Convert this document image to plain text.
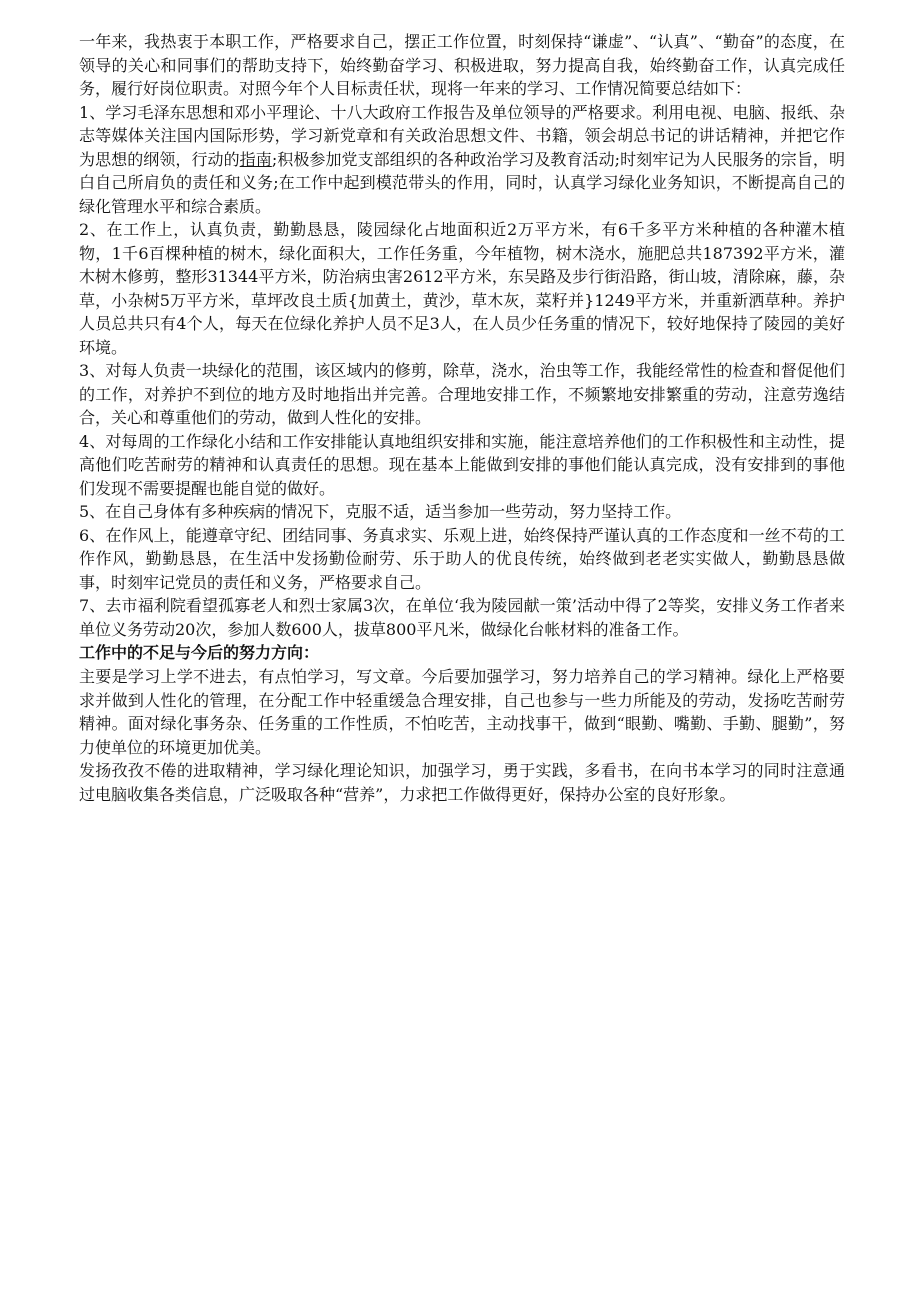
一年来，我热衷于本职工作，严格要求自己，摆正工作位置，时刻保持“谦虚”、“认真”、“勤奋”的态度，在领导的关心和同事们的帮助支持下，始终勤奋学习、积极进取，努力提高自我，始终勤奋工作，认真完成任务，履行好岗位职责。对照今年个人目标责任状，现将一年来的学习、工作情况简要总结如下：

1、学习毛泽东思想和邓小平理论、十八大政府工作报告及单位领导的严格要求。利用电视、电脑、报纸、杂志等媒体关注国内国际形势，学习新党章和有关政治思想文件、书籍，领会胡总书记的讲话精神，并把它作为思想的纲领，行动的指南;积极参加党支部组织的各种政治学习及教育活动;时刻牢记为人民服务的宗旨，明白自己所肩负的责任和义务;在工作中起到模范带头的作用，同时，认真学习绿化业务知识，不断提高自己的绿化管理水平和综合素质。

2、在工作上，认真负责，勤勤恳恳，陵园绿化占地面积近2万平方米，有6千多平方米种植的各种灌木植物，1千6百棵种植的树木，绿化面积大，工作任务重，今年植物，树木浇水，施肥总共187392平方米，灌木树木修剪，整形31344平方米，防治病虫害2612平方米，东吴路及步行街沿路，街山坡，清除麻，藤，杂草，小杂树5万平方米，草坪改良土质{加黄土，黄沙，草木灰，菜籽并}1249平方米，并重新洒草种。养护人员总共只有4个人，每天在位绿化养护人员不足3人，在人员少任务重的情况下，较好地保持了陵园的美好环境。

3、对每人负责一块绿化的范围，该区域内的修剪，除草，浇水，治虫等工作，我能经常性的检查和督促他们的工作，对养护不到位的地方及时地指出并完善。合理地安排工作，不频繁地安排繁重的劳动，注意劳逸结合，关心和尊重他们的劳动，做到人性化的安排。

4、对每周的工作绿化小结和工作安排能认真地组织安排和实施，能注意培养他们的工作积极性和主动性，提高他们吃苦耐劳的精神和认真责任的思想。现在基本上能做到安排的事他们能认真完成，没有安排到的事他们发现不需要提醒也能自觉的做好。

5、在自己身体有多种疾病的情况下，克服不适，适当参加一些劳动，努力坚持工作。

6、在作风上，能遵章守纪、团结同事、务真求实、乐观上进，始终保持严谨认真的工作态度和一丝不苟的工作作风，勤勤恳恳，在生活中发扬勤俭耐劳、乐于助人的优良传统，始终做到老老实实做人，勤勤恳恳做事，时刻牢记党员的责任和义务，严格要求自己。

7、去市福利院看望孤寡老人和烈士家属3次，在单位‘我为陵园献一策’活动中得了2等奖，安排义务工作者来单位义务劳动20次，参加人数600人，拔草800平凡米，做绿化台帐材料的准备工作。

工作中的不足与今后的努力方向：

主要是学习上学不进去，有点怕学习，写文章。今后要加强学习，努力培养自己的学习精神。绿化上严格要求并做到人性化的管理，在分配工作中轻重缓急合理安排，自己也参与一些力所能及的劳动，发扬吃苦耐劳精神。面对绿化事务杂、任务重的工作性质，不怕吃苦，主动找事干，做到“眼勤、嘴勤、手勤、腿勤”，努力使单位的环境更加优美。

发扬孜孜不倦的进取精神，学习绿化理论知识，加强学习，勇于实践，多看书，在向书本学习的同时注意通过电脑收集各类信息，广泛吸取各种“营养”，力求把工作做得更好，保持办公室的良好形象。
